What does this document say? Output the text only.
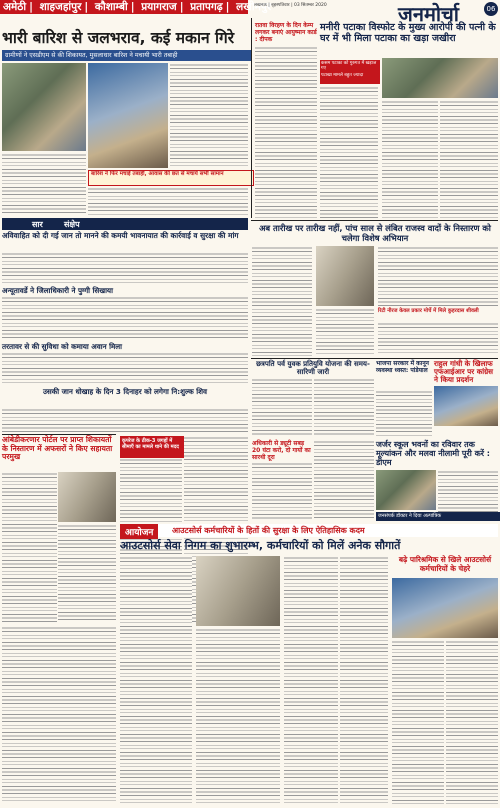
अमेठी | शाहजहांपुर | कौशाम्बी | प्रयागराज | प्रतापगढ़ | लखीमपुर
लखनऊ | बृहस्पतिवार | 03 सितम्बर 2020	जनमोर्चा	06
भारी बारिश से जलभराव, कई मकान गिरे
ग्रामीणों ने एसडीएम से की शिकायत, मुसलाधार बारिश ने मचायी भारी तबाही
बारिश ने फिर मचाई तबाही, आवास की छत से मचाये सभी सामान
सार	संक्षेप
अविवाहित को दी गई जान तो मानने की कमयी भावनायात की कार्रवाई व सुरक्षा की मांग
अन्यूतावर्डे ने जिलाधिकारी ने पुग्गी सिखाया
तरतावर से की सुविधा को कमाया अवान मिला
उसकी जान धोखाह के दिन 3 दिनाहर को लगेगा नि:शुल्क शिव
आंबेडीकरणार पोर्टल पर प्राप्त शिकायतों के निस्तारण में अफसरों ने किए सहायता परमुख
कृपरेज के ठीक-3 जगहों में सीमाएँ का मामले थाने की मदद
रातवा विरहण के दिन केम्प लगकर बनाएं आयुष्मान कार्ड : दीपक
मनीरी पटाका विस्फोट के मुख्य आरोपी की पत्नी के घर में भी मिला पटाका का खड़ा जखीरा
कसम पटाका को गुरुगत में खड़ाज गए
पटाखा मामले बहुत ज्यादा
अब तारीख पर तारीख नहीं, पांच साल से लंबित राजस्व वादों के निस्तारण को चलेगा विशेष अभियान
रिटी नीरज केवल प्रकार मोर्चे में मिले कुहरदास शीवली
छत्रपति पर्व युवक प्रतियुवि योजना की समय-सारिणी जारी
भाजपा सरकार में कानून व्यवस्था ध्वस्त: पांडेयाल
राहुल गांधी के खिलाफ एफआईआर पर कांग्रेस ने किया प्रदर्शन
अधिकारी से ड्यूटी सबड़ 20 घंटा करो, दो गायों का सारथी दूरा
जर्जर स्कूल भवनों का रविवार तक मूल्यांकन और मलवा नीलामी पूरी करें : डीएम
जनसंपर्क डॉक्टर ने दिया अल्पांत्रिक
आयोजन	आउटसोर्स कर्मचारियों के हितों की सुरक्षा के लिए ऐतिहासिक कदम
आउटसोर्स सेवा निगम का शुभारम्भ, कर्मचारियों को मिलें अनेक सौगातें
बढ़े पारिश्रमिक से खिले आउटसोर्स कर्मचारियों के चेहरे
